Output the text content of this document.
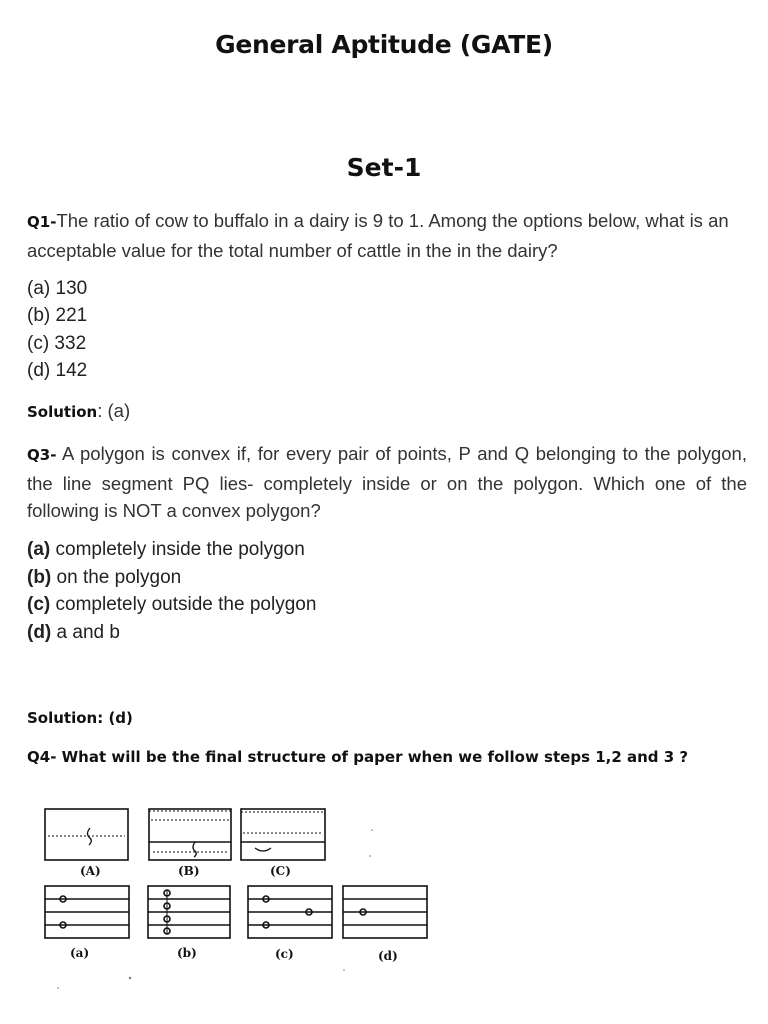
General Aptitude (GATE)
Set-1
Q1-The ratio of cow to buffalo in a dairy is 9 to 1. Among the options below, what is an acceptable value for the total number of cattle in the in the dairy?
(a) 130
(b) 221
(c) 332
(d) 142
Solution: (a)
Q3- A polygon is convex if, for every pair of points, P and Q belonging to the polygon, the line segment PQ lies- completely inside or on the polygon. Which one of the following is NOT a convex polygon?
(a) completely inside the polygon
(b) on the polygon
(c) completely outside the polygon
(d) a and b
Solution: (d)
Q4- What will be the final structure of paper when we follow steps 1,2 and 3 ?
(A)	(B)	(C)
(a)	(b)	(c)	(d)
